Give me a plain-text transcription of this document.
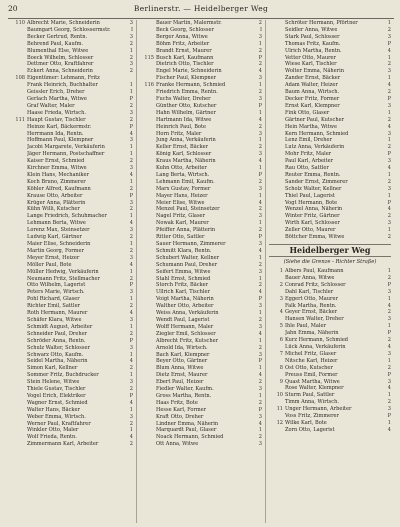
20	Berlinerstr. — Heidelberger Weg
110 Albrecht Marie, Schneiderin	3
Baumgart Georg, Schlossermstr.	I
Becker Gertrud, Rentn.	3
Behrend Paul, Kaufm.	2
Blumenthal Else, Witwe	1
Boeck Wilhelm, Schlosser	2
Dettmer Otto, Kraftfahrer	3
Eckert Anna, Schneiderin	2
108 Eigentümer: Lehmann, Fritz
Frank Heinrich, Buchhalter	1
Geissler Erich, Dreher	1
Gerlach Martha, Witwe	P
Graf Walter, Maler	2
Haase Frieda, Wirtsch.	3
111 Haupt Gustav, Tischler	2
Heinze Karl, Bäckermstr.	P
Herrmann Ida, Rentn.	4
Hoffmann Paul, Klempner	3
Jacobi Margarete, Verkäuferin	1
Jäger Hermann, Postschaffner	1
Kaiser Ernst, Schmied	2
Kirchner Emma, Witwe	3
Klein Hans, Mechaniker	4
Koch Bruno, Zimmerer	1
Köhler Alfred, Kaufmann	2
Krause Otto, Arbeiter	P
Krüger Anna, Plätterin	3
Kühn Willi, Kutscher	2
Lange Friedrich, Schuhmacher	1
Lehmann Berta, Witwe	4
Lorenz Max, Steinsetzer	3
Ludwig Karl, Gärtner	2
Maier Elise, Schneiderin	1
Martin Georg, Former	2
Meyer Ernst, Heizer	3
Möller Paul, Bote	4
Müller Hedwig, Verkäuferin	1
Neumann Fritz, Stellmacher	2
Otto Wilhelm, Lagerist	P
Peters Marie, Wirtsch.	3
Pohl Richard, Glaser	1
Richter Emil, Sattler	2
Roth Hermann, Maurer	4
Schäfer Klara, Witwe	3
Schmidt August, Arbeiter	1
Schneider Paul, Dreher	2
Schröder Anna, Rentn.	P
Schulz Walter, Schlosser	3
Schwarz Otto, Kaufm.	1
Seidel Martha, Näherin	4
Simon Karl, Kellner	2
Sommer Fritz, Buchdrucker	1
Stein Helene, Witwe	3
Thiele Gustav, Tischler	2
Vogel Erich, Elektriker	P
Wagner Ernst, Schmied	4
Walter Hans, Bäcker	1
Weber Emma, Wirtsch.	3
Werner Paul, Kraftfahrer	2
Winkler Otto, Maler	1
Wolf Frieda, Rentn.	4
Zimmermann Karl, Arbeiter	2
Bauer Martin, Malermstr.	2
Beck Georg, Schlosser	I
Berger Anna, Witwe	3
Böhm Fritz, Arbeiter	1
Brandt Ernst, Maurer	2
115 Busch Karl, Kaufmann	P
Dietrich Otto, Tischler	2
Engel Marie, Schneiderin	4
Fischer Paul, Klempner	3
116 Franke Hermann, Schmied	1
Friedrich Emma, Rentn.	2
Fuchs Walter, Dreher	3
Günther Otto, Kutscher	P
Hahn Wilhelm, Gärtner	1
Hartmann Ida, Witwe	4
Heinrich Paul, Bote	2
Horn Fritz, Maler	3
Jung Anna, Verkäuferin	1
Keller Ernst, Bäcker	2
König Karl, Schlosser	3
Kraus Martha, Näherin	4
Kuhn Otto, Arbeiter	1
Lang Berta, Wirtsch.	P
Lehmann Emil, Kaufm.	2
Marx Gustav, Former	3
Mayer Hans, Heizer	1
Meier Elise, Witwe	4
Menzel Paul, Steinsetzer	2
Nagel Fritz, Glaser	3
Nowak Karl, Maurer	1
Pfeiffer Anna, Plätterin	2
Ritter Otto, Sattler	P
Sauer Hermann, Zimmerer	3
Schmitt Klara, Rentn.	4
Schubert Walter, Kellner	1
Schumann Paul, Dreher	2
Seifert Emma, Witwe	3
Stahl Ernst, Schmied	1
Storch Fritz, Bäcker	2
Ullrich Karl, Tischler	4
Voigt Martha, Näherin	P
Walther Otto, Arbeiter	3
Weiss Anna, Verkäuferin	1
Wendt Paul, Lagerist	2
Wolff Hermann, Maler	3
Ziegler Emil, Schlosser	4
Albrecht Fritz, Kutscher	1
Arnold Ida, Wirtsch.	2
Bach Karl, Klempner	3
Beyer Otto, Gärtner	P
Blum Anna, Witwe	1
Dietz Ernst, Maurer	4
Ebert Paul, Heizer	2
Fiedler Walter, Kaufm.	3
Gross Martha, Rentn.	1
Haas Fritz, Bote	2
Hesse Karl, Former	P
Kraft Otto, Dreher	3
Lindner Emma, Näherin	4
Marquardt Paul, Glaser	1
Noack Hermann, Schmied	2
Ott Anna, Witwe	3
Schröter Hermann, Pförtner	1
Seidler Anna, Witwe	2
Stark Paul, Schlosser	3
Thomas Fritz, Kaufm.	P
Ulrich Martha, Rentn.	4
Vetter Otto, Maurer	1
Wiese Karl, Tischler	2
Wolter Emma, Näherin	3
Zander Ernst, Bäcker	1
Adam Walter, Heizer	4
Baum Anna, Wirtsch.	2
Decker Fritz, Former	P
Ernst Karl, Klempner	3
Fink Otto, Glaser	1
Gärtner Paul, Kutscher	2
Hein Martha, Witwe	4
Kern Hermann, Schmied	3
Lenz Emil, Dreher	1
Lutz Anna, Verkäuferin	2
Mohr Fritz, Maler	P
Paul Karl, Arbeiter	3
Rau Otto, Sattler	4
Reuter Emma, Rentn.	1
Sander Ernst, Zimmerer	2
Scholz Walter, Kellner	3
Thiel Paul, Lagerist	1
Vogt Hermann, Bote	P
Wenzel Anna, Näherin	4
Winter Fritz, Gärtner	2
Wirth Karl, Schlosser	3
Zeller Otto, Maurer	1
Böttcher Emma, Witwe	2
Heidelberger Weg
(Siehe die Grenze - Richter Straße)
1 Albers Paul, Kaufmann	1
Bauer Anna, Witwe	2
2 Conrad Fritz, Schlosser	P
Dahl Karl, Tischler	3
3 Eggert Otto, Maurer	1
Falk Martha, Rentn.	4
4 Geyer Ernst, Bäcker	2
Hansen Walter, Dreher	3
5 Ihle Paul, Maler	1
Jahn Emma, Näherin	P
6 Kurz Hermann, Schmied	2
Lück Anna, Verkäuferin	4
7 Michel Fritz, Glaser	3
Nitsche Karl, Heizer	1
8 Ost Otto, Kutscher	2
Preuss Emil, Former	P
9 Quast Martha, Witwe	3
Rose Walter, Klempner	4
10 Sturm Paul, Sattler	1
Timm Anna, Wirtsch.	2
11 Unger Hermann, Arbeiter	3
Voss Fritz, Zimmerer	P
12 Wilke Karl, Bote	1
Zorn Otto, Lagerist	4
